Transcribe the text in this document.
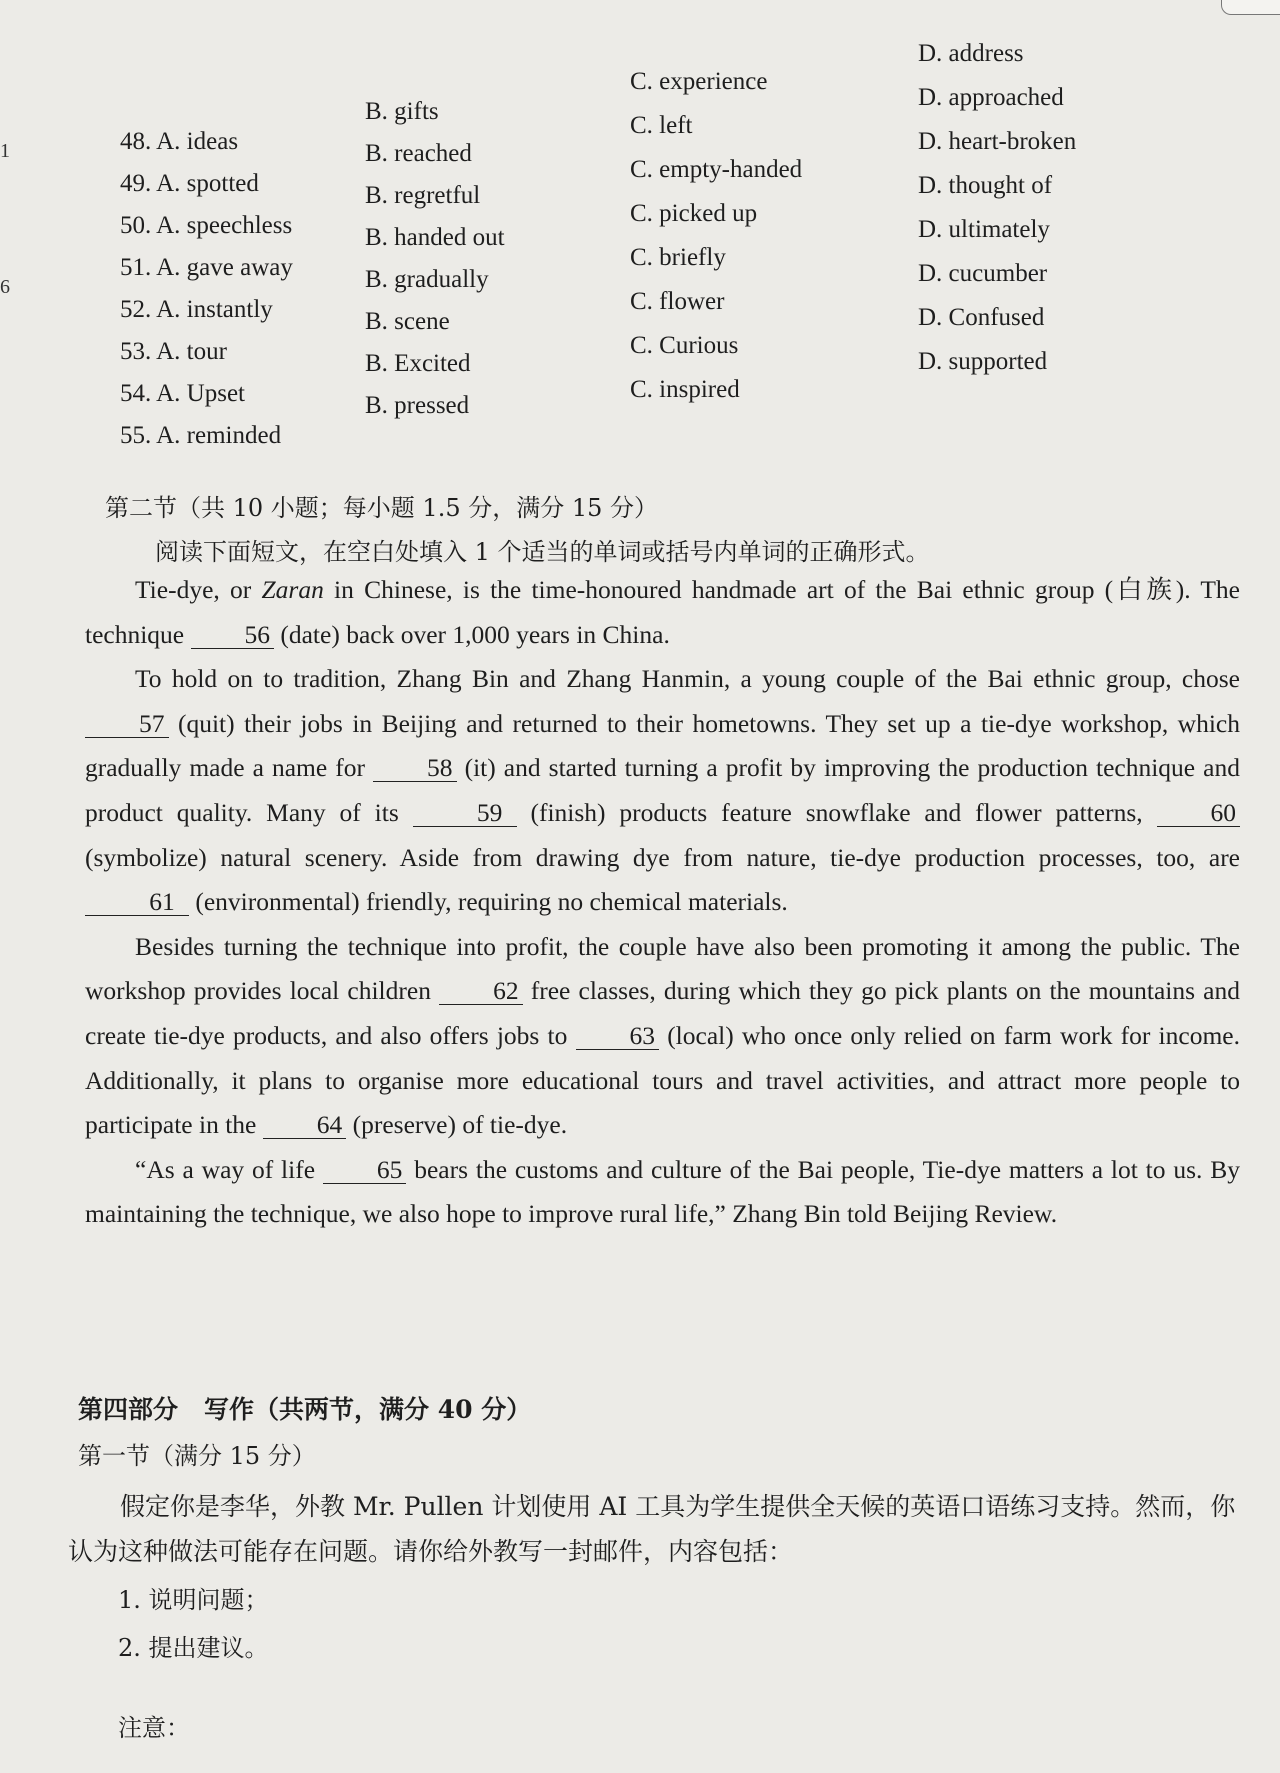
1
6
48. A. ideas
49. A. spotted
50. A. speechless
51. A. gave away
52. A. instantly
53. A. tour
54. A. Upset
55. A. reminded
B. gifts
B. reached
B. regretful
B. handed out
B. gradually
B. scene
B. Excited
B. pressed
C. experience
C. left
C. empty-handed
C. picked up
C. briefly
C. flower
C. Curious
C. inspired
D. address
D. approached
D. heart-broken
D. thought of
D. ultimately
D. cucumber
D. Confused
D. supported
第二节（共 10 小题；每小题 1.5 分，满分 15 分）
阅读下面短文，在空白处填入 1 个适当的单词或括号内单词的正确形式。

Tie-dye, or Zaran in Chinese, is the time-honoured handmade art of the Bai ethnic group (白族). The technique 56 (date) back over 1,000 years in China.

To hold on to tradition, Zhang Bin and Zhang Hanmin, a young couple of the Bai ethnic group, chose 57 (quit) their jobs in Beijing and returned to their hometowns. They set up a tie-dye workshop, which gradually made a name for 58 (it) and started turning a profit by improving the production technique and product quality. Many of its	59 (finish) products feature snowflake and flower patterns, 60 (symbolize) natural scenery. Aside from drawing dye from nature, tie-dye production processes, too, are 61 (environmental) friendly, requiring no chemical materials.

Besides turning the technique into profit, the couple have also been promoting it among the public. The workshop provides local children 62 free classes, during which they go pick plants on the mountains and create tie-dye products, and also offers jobs to 63 (local) who once only relied on farm work for income. Additionally, it plans to organise more educational tours and travel activities, and attract more people to participate in the 64 (preserve) of tie-dye.

“As a way of life 65 bears the customs and culture of the Bai people, Tie-dye matters a lot to us. By maintaining the technique, we also hope to improve rural life,” Zhang Bin told Beijing Review.

第四部分 写作（共两节，满分 40 分）
第一节（满分 15 分）

假定你是李华，外教 Mr. Pullen 计划使用 AI 工具为学生提供全天候的英语口语练习支持。然而，你认为这种做法可能存在问题。请你给外教写一封邮件，内容包括：

1. 说明问题；
2. 提出建议。
注意：
